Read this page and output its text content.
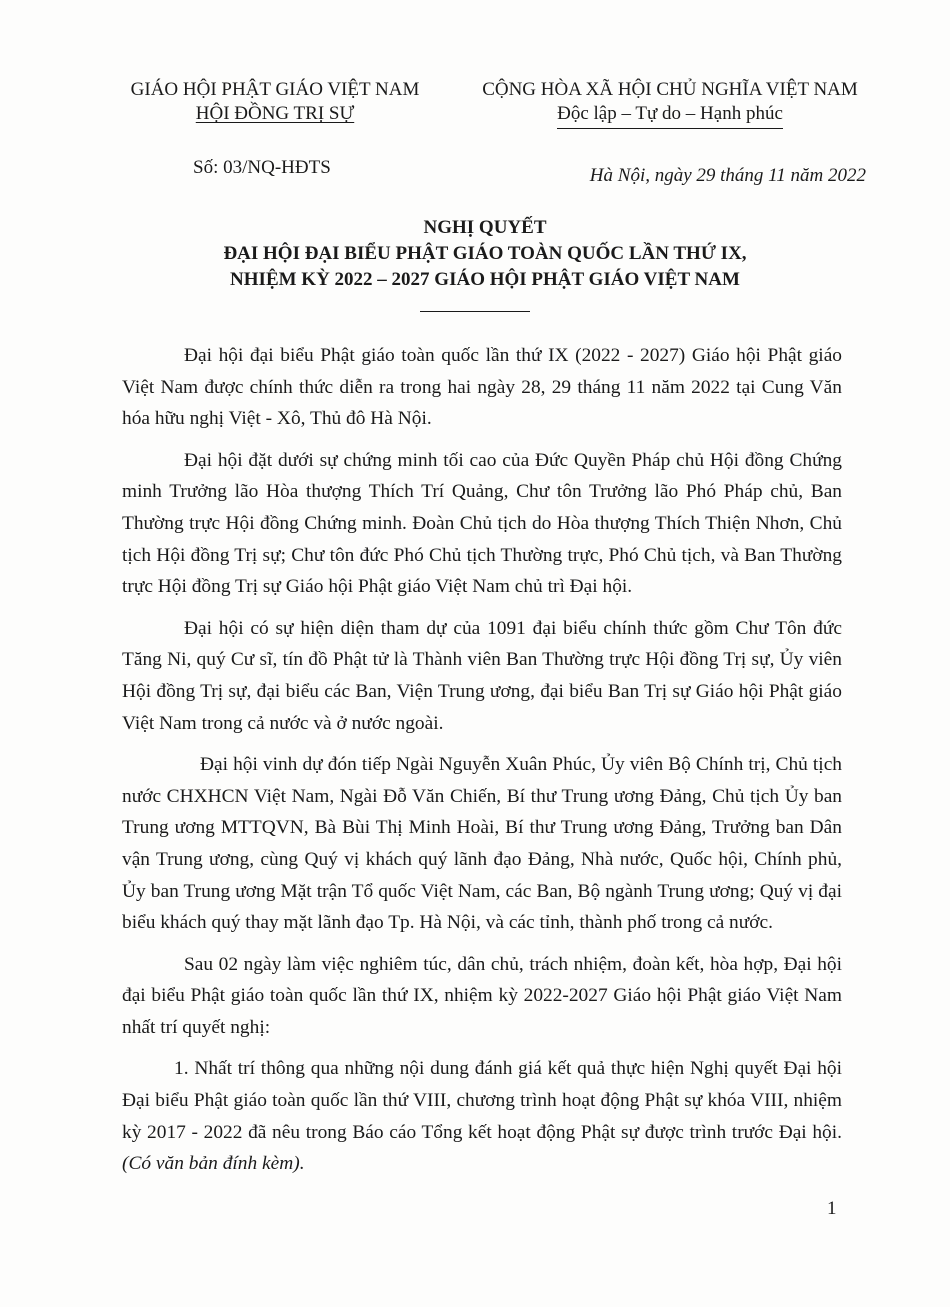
GIÁO HỘI PHẬT GIÁO VIỆT NAM
HỘI ĐỒNG TRỊ SỰ
CỘNG HÒA XÃ HỘI CHỦ NGHĨA VIỆT NAM
Độc lập – Tự do – Hạnh phúc
Số: 03/NQ-HĐTS	Hà Nội, ngày 29 tháng 11 năm 2022
NGHỊ QUYẾT
ĐẠI HỘI ĐẠI BIỂU PHẬT GIÁO TOÀN QUỐC LẦN THỨ IX,
NHIỆM KỲ 2022 – 2027 GIÁO HỘI PHẬT GIÁO VIỆT NAM

Đại hội đại biểu Phật giáo toàn quốc lần thứ IX (2022 - 2027) Giáo hội Phật giáo Việt Nam được chính thức diễn ra trong hai ngày 28, 29 tháng 11 năm 2022 tại Cung Văn hóa hữu nghị Việt - Xô, Thủ đô Hà Nội.

Đại hội đặt dưới sự chứng minh tối cao của Đức Quyền Pháp chủ Hội đồng Chứng minh Trưởng lão Hòa thượng Thích Trí Quảng, Chư tôn Trưởng lão Phó Pháp chủ, Ban Thường trực Hội đồng Chứng minh. Đoàn Chủ tịch do Hòa thượng Thích Thiện Nhơn, Chủ tịch Hội đồng Trị sự; Chư tôn đức Phó Chủ tịch Thường trực, Phó Chủ tịch, và Ban Thường trực Hội đồng Trị sự Giáo hội Phật giáo Việt Nam chủ trì Đại hội.

Đại hội có sự hiện diện tham dự của 1091 đại biểu chính thức gồm Chư Tôn đức Tăng Ni, quý Cư sĩ, tín đồ Phật tử là Thành viên Ban Thường trực Hội đồng Trị sự, Ủy viên Hội đồng Trị sự, đại biểu các Ban, Viện Trung ương, đại biểu Ban Trị sự Giáo hội Phật giáo Việt Nam trong cả nước và ở nước ngoài.

Đại hội vinh dự đón tiếp Ngài Nguyễn Xuân Phúc, Ủy viên Bộ Chính trị, Chủ tịch nước CHXHCN Việt Nam, Ngài Đỗ Văn Chiến, Bí thư Trung ương Đảng, Chủ tịch Ủy ban Trung ương MTTQVN, Bà Bùi Thị Minh Hoài, Bí thư Trung ương Đảng, Trưởng ban Dân vận Trung ương, cùng Quý vị khách quý lãnh đạo Đảng, Nhà nước, Quốc hội, Chính phủ, Ủy ban Trung ương Mặt trận Tổ quốc Việt Nam, các Ban, Bộ ngành Trung ương; Quý vị đại biểu khách quý thay mặt lãnh đạo Tp. Hà Nội, và các tỉnh, thành phố trong cả nước.

Sau 02 ngày làm việc nghiêm túc, dân chủ, trách nhiệm, đoàn kết, hòa hợp, Đại hội đại biểu Phật giáo toàn quốc lần thứ IX, nhiệm kỳ 2022-2027 Giáo hội Phật giáo Việt Nam nhất trí quyết nghị:

1. Nhất trí thông qua những nội dung đánh giá kết quả thực hiện Nghị quyết Đại hội Đại biểu Phật giáo toàn quốc lần thứ VIII, chương trình hoạt động Phật sự khóa VIII, nhiệm kỳ 2017 - 2022 đã nêu trong Báo cáo Tổng kết hoạt động Phật sự được trình trước Đại hội. (Có văn bản đính kèm).

1
